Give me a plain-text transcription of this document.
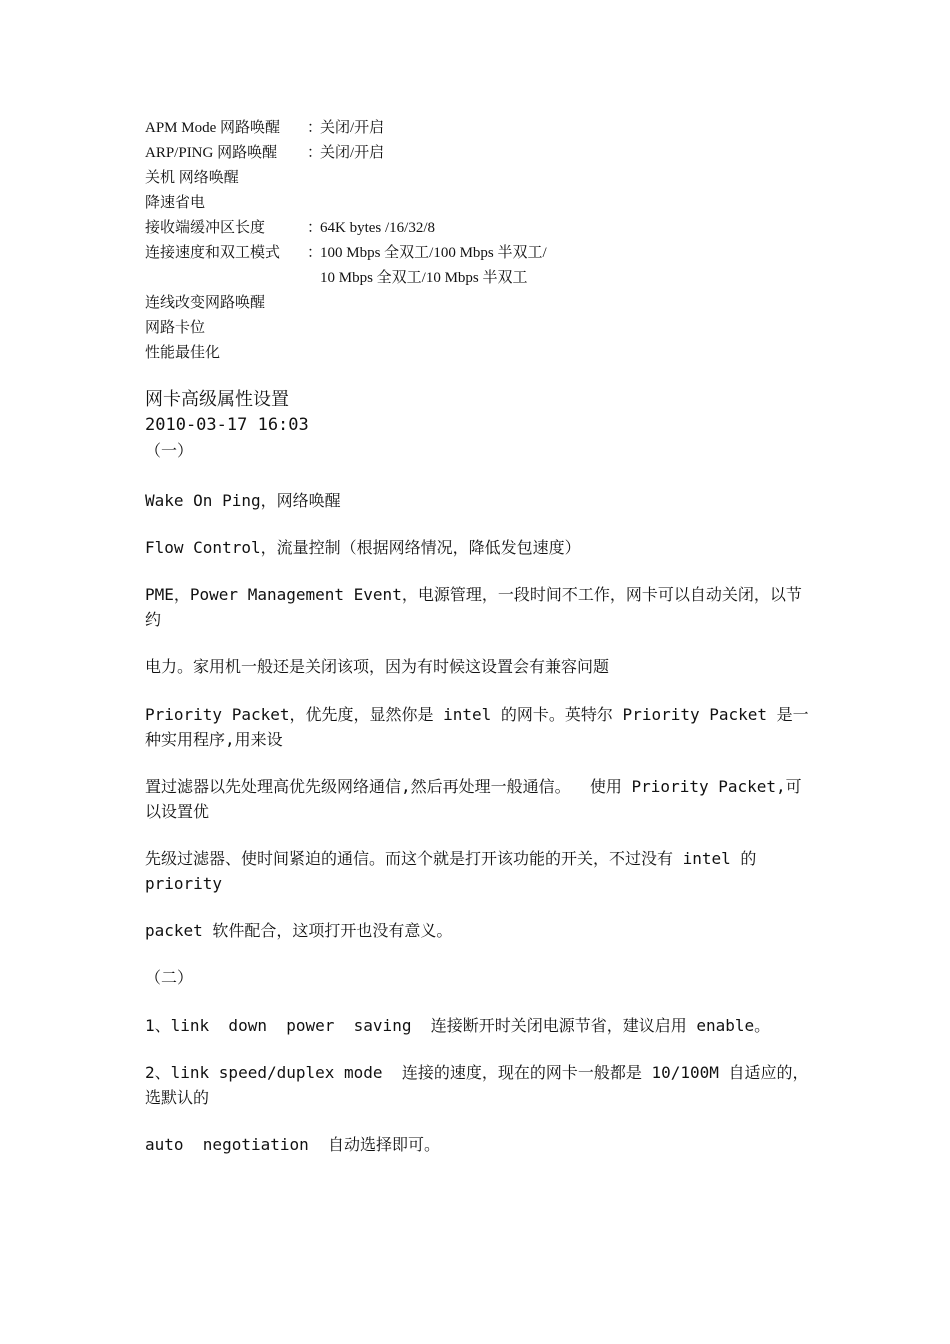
APM Mode 网路唤醒 ：
关闭/开启
ARP/PING 网路唤醒 ：
关闭/开启
关机 网络唤醒
降速省电
接收端缓冲区长度	：
64K bytes /16/32/8
连接速度和双工模式 ：
100 Mbps 全双工/100 Mbps 半双工/
10 Mbps 全双工/10 Mbps 半双工
连线改变网路唤醒
网路卡位
性能最佳化
网卡高级属性设置
2010-03-17 16:03

（一）

Wake On Ping，网络唤醒

Flow Control，流量控制（根据网络情况，降低发包速度）

PME，Power Management Event，电源管理，一段时间不工作，网卡可以自动关闭，以节约

电力。家用机一般还是关闭该项，因为有时候这设置会有兼容问题

Priority Packet，优先度，显然你是 intel 的网卡。英特尔 Priority Packet 是一种实用程序,用来设

置过滤器以先处理高优先级网络通信,然后再处理一般通信。  使用 Priority Packet,可以设置优

先级过滤器、使时间紧迫的通信。而这个就是打开该功能的开关，不过没有 intel 的 priority

packet 软件配合，这项打开也没有意义。

（二）

1、link  down  power  saving  连接断开时关闭电源节省，建议启用 enable。

2、link speed/duplex mode  连接的速度，现在的网卡一般都是 10/100M 自适应的，选默认的

auto  negotiation  自动选择即可。
